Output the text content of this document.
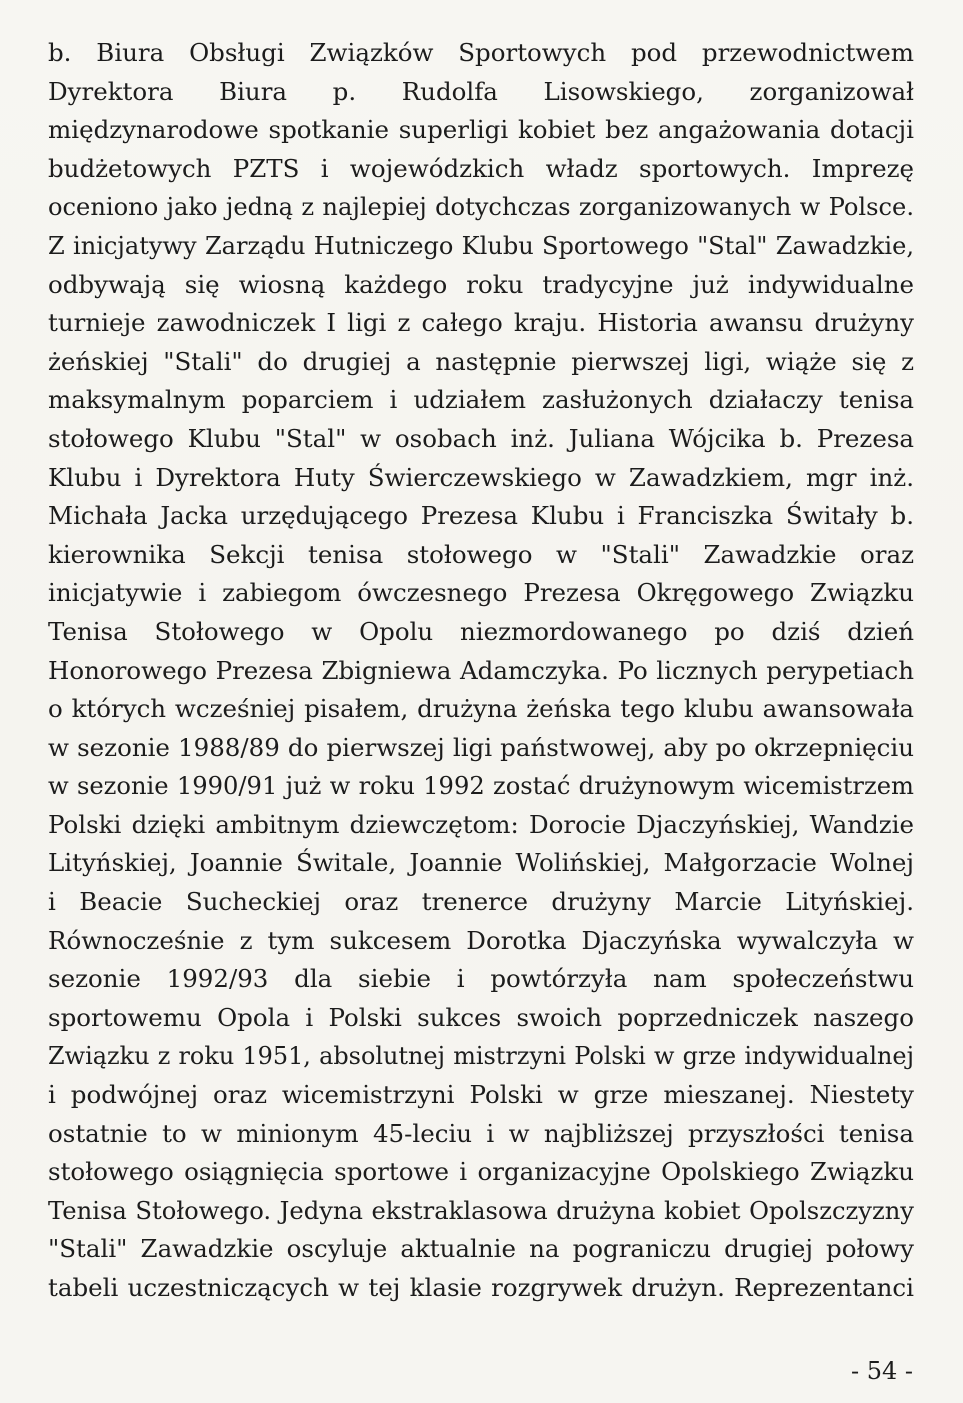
b. Biura Obsługi Związków Sportowych pod przewodnictwem
Dyrektora Biura p. Rudolfa Lisowskiego, zorganizował
międzynarodowe spotkanie superligi kobiet bez angażowania dotacji
budżetowych PZTS i wojewódzkich władz sportowych. Imprezę
oceniono jako jedną z najlepiej dotychczas zorganizowanych w Polsce.
Z inicjatywy Zarządu Hutniczego Klubu Sportowego "Stal" Zawadzkie,
odbywają się wiosną każdego roku tradycyjne już indywidualne
turnieje zawodniczek I ligi z całego kraju. Historia awansu drużyny
żeńskiej "Stali" do drugiej a następnie pierwszej ligi, wiąże się z
maksymalnym poparciem i udziałem zasłużonych działaczy tenisa
stołowego Klubu "Stal" w osobach inż. Juliana Wójcika b. Prezesa
Klubu i Dyrektora Huty Świerczewskiego w Zawadzkiem, mgr inż.
Michała Jacka urzędującego Prezesa Klubu i Franciszka Świtały b.
kierownika Sekcji tenisa stołowego w "Stali" Zawadzkie oraz
inicjatywie i zabiegom ówczesnego Prezesa Okręgowego Związku
Tenisa Stołowego w Opolu niezmordowanego po dziś dzień
Honorowego Prezesa Zbigniewa Adamczyka. Po licznych perypetiach
o których wcześniej pisałem, drużyna żeńska tego klubu awansowała
w sezonie 1988/89 do pierwszej ligi państwowej, aby po okrzepnięciu
w sezonie 1990/91 już w roku 1992 zostać drużynowym wicemistrzem
Polski dzięki ambitnym dziewczętom: Dorocie Djaczyńskiej, Wandzie
Lityńskiej, Joannie Świtale, Joannie Wolińskiej, Małgorzacie Wolnej
i Beacie Sucheckiej oraz trenerce drużyny Marcie Lityńskiej.
Równocześnie z tym sukcesem Dorotka Djaczyńska wywalczyła w
sezonie 1992/93 dla siebie i powtórzyła nam społeczeństwu
sportowemu Opola i Polski sukces swoich poprzedniczek naszego
Związku z roku 1951, absolutnej mistrzyni Polski w grze indywidualnej
i podwójnej oraz wicemistrzyni Polski w grze mieszanej. Niestety
ostatnie to w minionym 45-leciu i w najbliższej przyszłości tenisa
stołowego osiągnięcia sportowe i organizacyjne Opolskiego Związku
Tenisa Stołowego. Jedyna ekstraklasowa drużyna kobiet Opolszczyzny
"Stali" Zawadzkie oscyluje aktualnie na pograniczu drugiej połowy
tabeli uczestniczących w tej klasie rozgrywek drużyn. Reprezentanci
- 54 -
